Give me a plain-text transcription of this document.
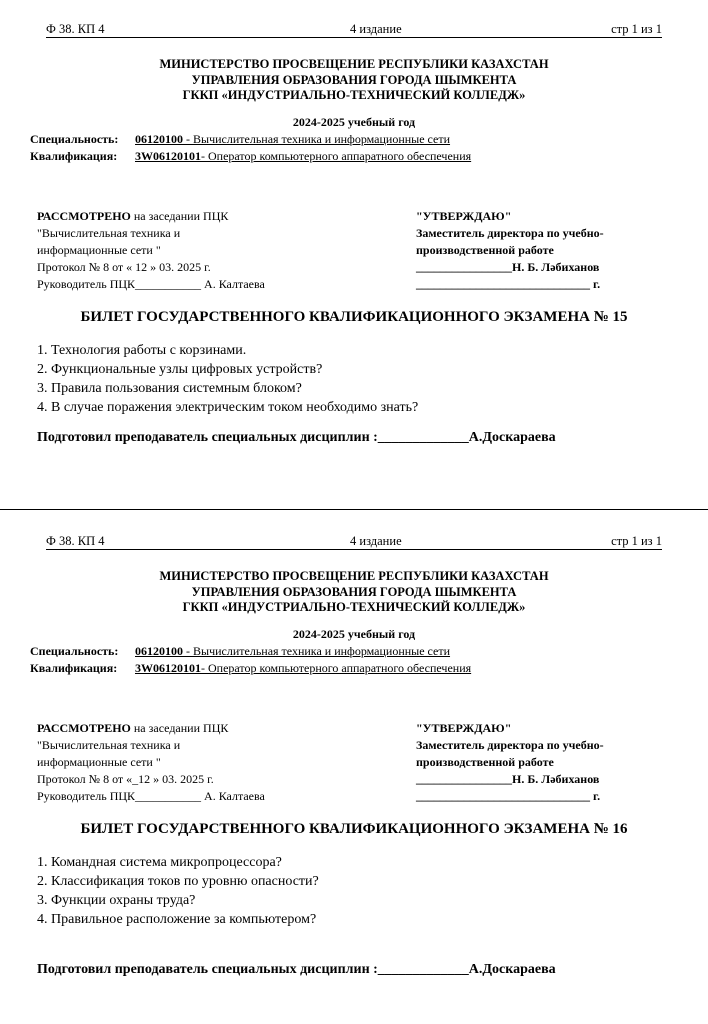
Ф 38. КП 4	4 издание	стр 1 из 1
МИНИСТЕРСТВО ПРОСВЕЩЕНИЕ РЕСПУБЛИКИ КАЗАХСТАН
УПРАВЛЕНИЯ ОБРАЗОВАНИЯ ГОРОДА ШЫМКЕНТА
ГККП «ИНДУСТРИАЛЬНО-ТЕХНИЧЕСКИЙ КОЛЛЕДЖ»
2024-2025 учебный год
Специальность: 06120100 - Вычислительная техника и информационные сети
Квалификация: 3W06120101- Оператор компьютерного аппаратного обеспечения
РАССМОТРЕНО на заседании ПЦК
"Вычислительная техника и
информационные сети "
Протокол № 8 от « 12 » 03. 2025 г.
Руководитель ПЦК___________ А. Калтаева
"УТВЕРЖДАЮ"
Заместитель директора по учебно-
производственной работе
________________Н. Б. Лəбиханов
_____________________________ г.
БИЛЕТ ГОСУДАРСТВЕННОГО КВАЛИФИКАЦИОННОГО ЭКЗАМЕНА № 15
1. Технология работы с корзинами.
2. Функциональные узлы цифровых устройств?
3. Правила пользования системным блоком?
4. В случае поражения электрическим током необходимо знать?
Подготовил преподаватель специальных дисциплин :_____________А.Доскараева
Ф 38. КП 4	4 издание	стр 1 из 1
МИНИСТЕРСТВО ПРОСВЕЩЕНИЕ РЕСПУБЛИКИ КАЗАХСТАН
УПРАВЛЕНИЯ ОБРАЗОВАНИЯ ГОРОДА ШЫМКЕНТА
ГККП «ИНДУСТРИАЛЬНО-ТЕХНИЧЕСКИЙ КОЛЛЕДЖ»
2024-2025 учебный год
Специальность: 06120100 - Вычислительная техника и информационные сети
Квалификация: 3W06120101- Оператор компьютерного аппаратного обеспечения
РАССМОТРЕНО на заседании ПЦК
"Вычислительная техника и
информационные сети "
Протокол № 8 от «_12 » 03. 2025 г.
Руководитель ПЦК___________ А. Калтаева
"УТВЕРЖДАЮ"
Заместитель директора по учебно-
производственной работе
________________Н. Б. Лəбиханов
_____________________________ г.
БИЛЕТ ГОСУДАРСТВЕННОГО КВАЛИФИКАЦИОННОГО ЭКЗАМЕНА № 16
1. Командная система микропроцессора?
2. Классификация токов по уровню опасности?
3. Функции охраны труда?
4. Правильное расположение за компьютером?
Подготовил преподаватель специальных дисциплин :_____________А.Доскараева
